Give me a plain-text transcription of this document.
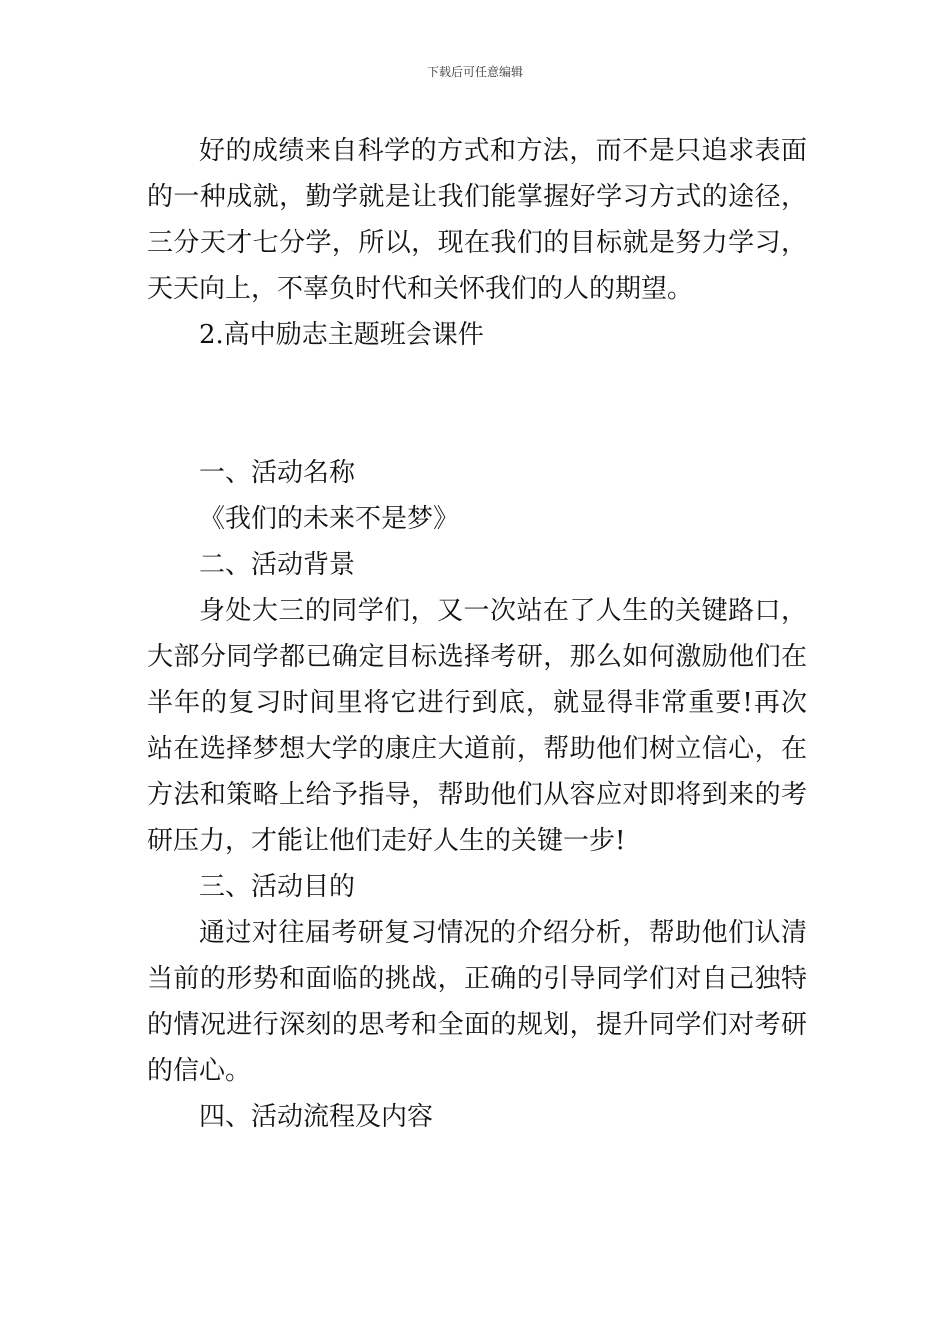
下载后可任意编辑

好的成绩来自科学的方式和方法，而不是只追求表面的一种成就，勤学就是让我们能掌握好学习方式的途径，三分天才七分学，所以，现在我们的目标就是努力学习，天天向上，不辜负时代和关怀我们的人的期望。

2.高中励志主题班会课件

一、活动名称

《我们的未来不是梦》

二、活动背景

身处大三的同学们，又一次站在了人生的关键路口，大部分同学都已确定目标选择考研，那么如何激励他们在半年的复习时间里将它进行到底，就显得非常重要!再次站在选择梦想大学的康庄大道前，帮助他们树立信心，在方法和策略上给予指导，帮助他们从容应对即将到来的考研压力，才能让他们走好人生的关键一步!

三、活动目的

通过对往届考研复习情况的介绍分析，帮助他们认清当前的形势和面临的挑战，正确的引导同学们对自己独特的情况进行深刻的思考和全面的规划，提升同学们对考研的信心。

四、活动流程及内容
